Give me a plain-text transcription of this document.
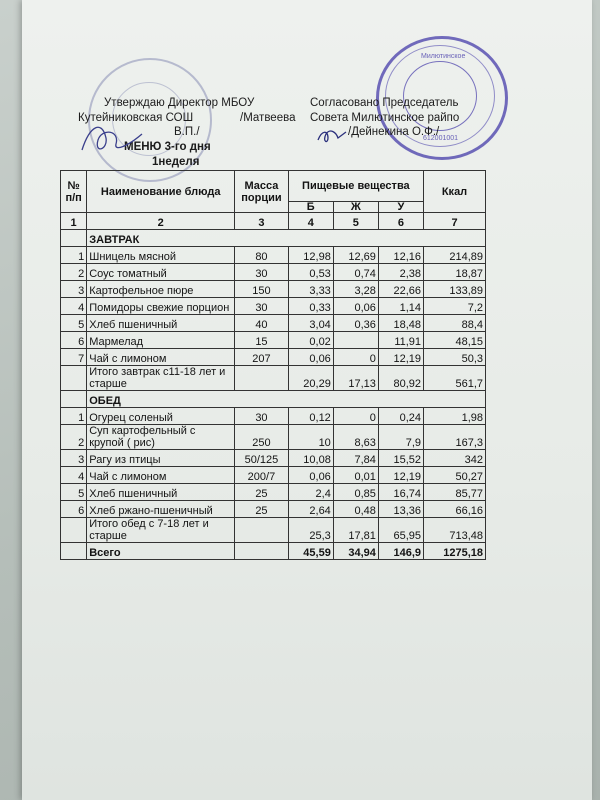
Милютинское
612001001
Утверждаю Директор МБОУ
Кутейниковская СОШ	/Матвеева
В.П./
Согласовано Председатель
Совета Милютинское райпо
/Дейнекина О.Ф./
МЕНЮ 3-го дня
1неделя
№ п/п	Наименование блюда	Масса порции	Пищевые вещества			Ккал
			Б	Ж	У	
1	2	3	4	5	6	7
	ЗАВТРАК					
1	Шницель мясной	80	12,98	12,69	12,16	214,89
2	Соус томатный	30	0,53	0,74	2,38	18,87
3	Картофельное пюре	150	3,33	3,28	22,66	133,89
4	Помидоры свежие порцион	30	0,33	0,06	1,14	7,2
5	Хлеб пшеничный	40	3,04	0,36	18,48	88,4
6	Мармелад	15	0,02		11,91	48,15
7	Чай с лимоном	207	0,06	0	12,19	50,3
	Итого завтрак с11-18 лет и старше		20,29	17,13	80,92	561,7
	ОБЕД					
1	Огурец соленый	30	0,12	0	0,24	1,98
2	Суп картофельный с крупой ( рис)	250	10	8,63	7,9	167,3
3	Рагу из птицы	50/125	10,08	7,84	15,52	342
4	Чай с лимоном	200/7	0,06	0,01	12,19	50,27
5	Хлеб пшеничный	25	2,4	0,85	16,74	85,77
6	Хлеб ржано-пшеничный	25	2,64	0,48	13,36	66,16
	Итого обед с 7-18 лет и старше		25,3	17,81	65,95	713,48
	Всего		45,59	34,94	146,9	1275,18
